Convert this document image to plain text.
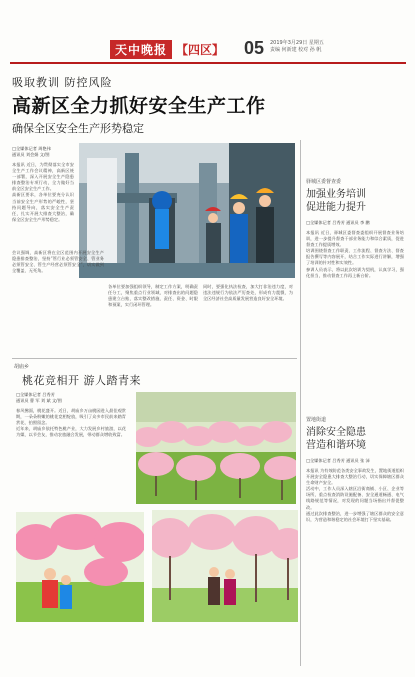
天中晚报 【四区】 05 2019年3月29日 星期五
责编 何新建 校对 孙 帆
吸取教训 防控风险
高新区全力抓好安全生产工作
确保全区安全生产形势稳定
□全媒体记者 周艳伟
通讯员 刘会娟 文/图
本报讯 近日，为贯彻落实全市安全生产工作会议精神，高新区统一部署，深入开展安全生产隐患排查整治专项行动，全力做好当前全区安全生产工作。
高新区要求，各单位要充分认识当前安全生产形势的严峻性，坚持问题导向，落实安全生产责任，扎实开展大排查大整治，确保全区安全生产形势稳定。
会议强调，高新区将在全区范围内开展安全生产隐患排查整治，坚持“管行业必须管安全、管业务必须管安全、管生产经营必须管安全”，切实做到全覆盖、无死角。
各单位要加强组织领导，制定工作方案，明确责任分工，聚焦重点行业领域，对排查出的问题隐患建立台账，落实整改措施、责任、资金、时限和预案，实行闭环管理。
同时，要强化执法检查，加大打非治违力度，对违法违规行为依法严厉查处，形成有力震慑，为全区经济社会高质量发展营造良好安全环境。
驿城区委督查委
加强业务培训
促进能力提升
□全媒体记者 吕秀芳 通讯员 李 鹏
本报讯 近日，驿城区委督查委组织开展督查业务培训，进一步提升督查干部业务能力和综合素质，促进督查工作提质增效。
培训围绕督查工作职责、工作流程、督查方法、督查报告撰写等内容展开，结合工作实际进行讲解，增强了培训的针对性和实效性。
参训人员表示，将以此次培训为契机，认真学习，强化担当，推动督查工作再上新台阶。
置地街道
消除安全隐患
营造和谐环境
□全媒体记者 吕秀芳 通讯员 张 沛
本报讯 为有效防范各类安全事故发生，置地街道组织开展安全隐患大排查大整治行动，切实保障辖区群众生命财产安全。
活动中，工作人员深入辖区沿街商铺、小区、企业等场所，重点检查消防设施配备、安全通道畅通、电气线路规范等情况，对发现的问题当场指出并督促整改。
通过此次排查整治，进一步增强了辖区群众的安全意识，为营造和谐稳定的社会环境打下坚实基础。
胡庙乡
桃花竞相开 游人踏青来
□全媒体记者 吕秀芳
通讯员 曹 军 刘 斌 文/图
春风拂面，桃花盛开。近日，胡庙乡万亩桃园进入最佳观赏期，一朵朵粉嫩的桃花竞相绽放，吸引了众多市民前来踏青赏花、拍照留念。
近年来，胡庙乡依托特色桃产业，大力发展乡村旅游，以花为媒、以节会友，推动农旅融合发展，带动群众增收致富。
